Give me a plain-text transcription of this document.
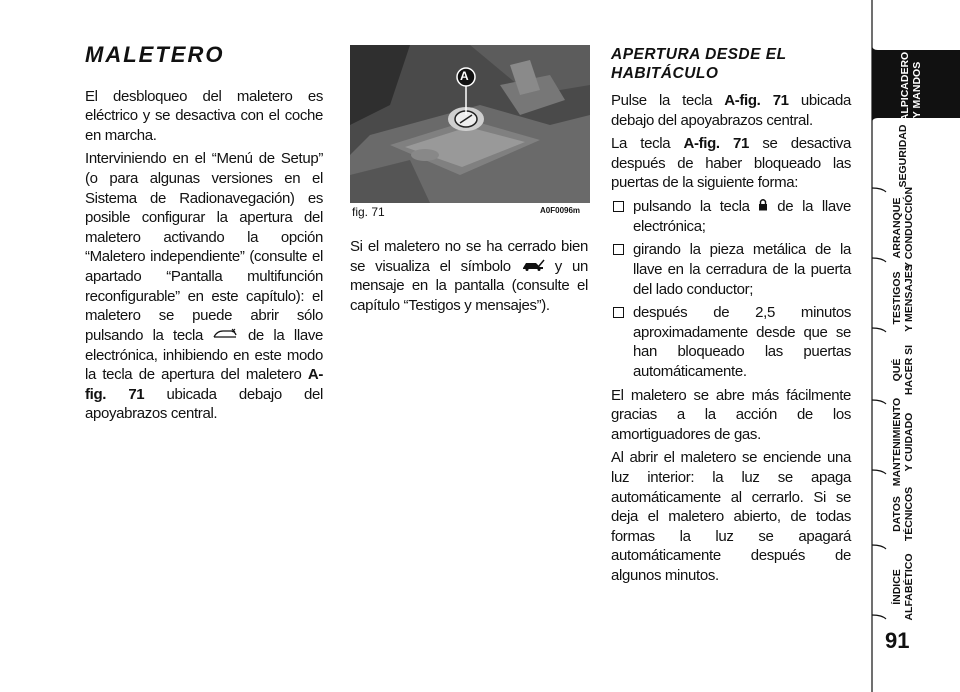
MALETERO

El desbloqueo del maletero es eléctrico y se desactiva con el coche en marcha.

Interviniendo en el “Menú de Setup” (o para algunas versiones en el Sistema de Radionavegación) es posible configurar la apertura del maletero activando la opción “Maletero independiente” (consulte el apartado “Pantalla multifunción reconfigurable” en este capítulo): el maletero se puede abrir sólo pulsando la tecla	de la llave electrónica, inhibiendo en este modo la tecla de apertura del maletero A-fig. 71 ubicada debajo del apoyabrazos central.

A
fig. 71	A0F0096m

Si el maletero no se ha cerrado bien se visualiza el símbolo	y un mensaje en la pantalla (consulte el capítulo “Testigos y mensajes”).

APERTURA DESDE EL
HABITÁCULO

Pulse la tecla A-fig. 71 ubicada debajo del apoyabrazos central.

La tecla A-fig. 71 se desactiva después de haber bloqueado las puertas de la siguiente forma:

pulsando la tecla de la llave electrónica;
girando la pieza metálica de la llave en la cerradura de la puerta del lado conductor;
después de 2,5 minutos aproximadamente desde que se han bloqueado las puertas automáticamente.

El maletero se abre más fácilmente gracias a la acción de los amortiguadores de gas.

Al abrir el maletero se enciende una luz interior: la luz se apaga automáticamente al cerrarlo. Si se deja el maletero abierto, de todas formas la luz se apagará automáticamente después de algunos minutos.

SALPICADERO
Y MANDOS
SEGURIDAD
ARRANQUE
Y CONDUCCIÓN
TESTIGOS
Y MENSAJES
QUÉ
HACER SI
MANTENIMIENTO
Y CUIDADO
DATOS
TÉCNICOS
ÍNDICE
ALFABÉTICO
91
